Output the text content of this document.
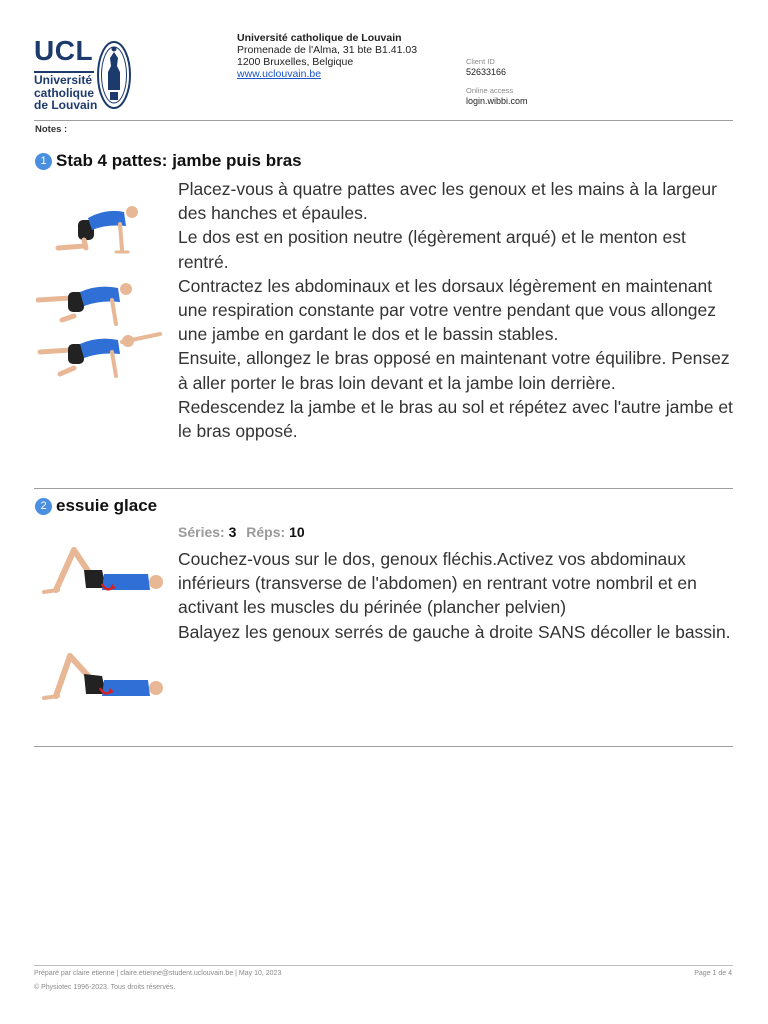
UCL
Université
catholique
de Louvain
Université catholique de Louvain
Promenade de l'Alma, 31 bte B1.41.03
1200 Bruxelles, Belgique
www.uclouvain.be
Client ID
52633166
Online access
login.wibbi.com
Notes :
1 Stab 4 pattes: jambe puis bras

Placez-vous à quatre pattes avec les genoux et les mains à la largeur des hanches et épaules.

Le dos est en position neutre (légèrement arqué) et le menton est rentré.

Contractez les abdominaux et les dorsaux légèrement en maintenant une respiration constante par votre ventre pendant que vous allongez une jambe en gardant le dos et le bassin stables.

Ensuite, allongez le bras opposé en maintenant votre équilibre. Pensez à aller porter le bras loin devant et la jambe loin derrière.

Redescendez la jambe et le bras au sol et répétez avec l'autre jambe et le bras opposé.

2 essuie glace
Séries: 3 Réps: 10

Couchez-vous sur le dos, genoux fléchis.Activez vos abdominaux inférieurs (transverse de l'abdomen) en rentrant votre nombril et en activant les muscles du périnée (plancher pelvien)

Balayez les genoux serrés de gauche à droite SANS décoller le bassin.

Préparé par claire etienne | claire.etienne@student.uclouvain.be | May 10, 2023
© Physiotec 1996-2023. Tous droits réservés.
Page 1 de 4
